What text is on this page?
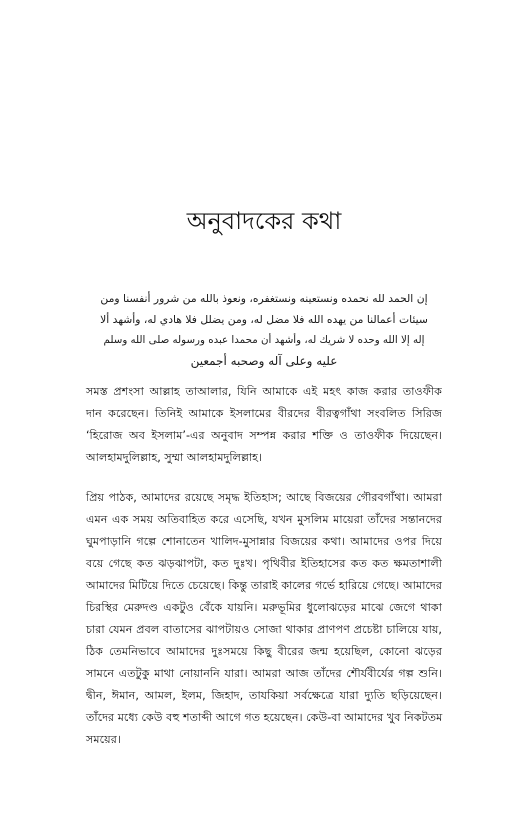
অনুবাদকের কথা
إن الحمد لله نحمده ونستعينه ونستغفره، ونعوذ بالله من شرور أنفسنا ومن
سيئات أعمالنا من يهده الله فلا مضل له، ومن يضلل فلا هادي له، وأشهد ألا
إله إلا الله وحده لا شريك له، وأشهد أن محمدا عبده ورسوله صلى الله وسلم
عليه وعلى آله وصحبه أجمعين
সমস্ত প্রশংসা আল্লাহ তাআলার, যিনি আমাকে এই মহৎ কাজ করার তাওফীক
দান করেছেন। তিনিই আমাকে ইসলামের বীরদের বীরত্বগাঁথা সংবলিত সিরিজ
‘হিরোজ অব ইসলাম’-এর অনুবাদ সম্পন্ন করার শক্তি ও তাওফীক দিয়েছেন।
আলহামদুলিল্লাহ, সুম্মা আলহামদুলিল্লাহ।
প্রিয় পাঠক, আমাদের রয়েছে সমৃদ্ধ ইতিহাস; আছে বিজয়ের গৌরবগাঁথা। আমরা
এমন এক সময় অতিবাহিত করে এসেছি, যখন মুসলিম মায়েরা তাঁদের সন্তানদের
ঘুমপাড়ানি গল্পে শোনাতেন খালিদ-মুসান্নার বিজয়ের কথা। আমাদের ওপর দিয়ে
বয়ে গেছে কত ঝড়ঝাপটা, কত দুঃখ। পৃথিবীর ইতিহাসের কত কত ক্ষমতাশালী
আমাদের মিটিয়ে দিতে চেয়েছে। কিন্তু তারাই কালের গর্ভে হারিয়ে গেছে। আমাদের
চিরস্থির মেরুদণ্ড একটুও বেঁকে যায়নি। মরুভূমির ধুলোঝড়ের মাঝে জেগে থাকা
চারা যেমন প্রবল বাতাসের ঝাপটায়ও সোজা থাকার প্রাণপণ প্রচেষ্টা চালিয়ে যায়,
ঠিক তেমনিভাবে আমাদের দুঃসময়ে কিছু বীরের জন্ম হয়েছিল, কোনো ঝড়ের
সামনে এতটুকু মাথা নোয়াননি যারা। আমরা আজ তাঁদের শৌর্যবীর্যের গল্প শুনি।
দ্বীন, ঈমান, আমল, ইলম, জিহাদ, তাযকিয়া সর্বক্ষেত্রে যারা দ্যুতি ছড়িয়েছেন।
তাঁদের মধ্যে কেউ বহু শতাব্দী আগে গত হয়েছেন। কেউ-বা আমাদের খুব নিকটতম
সময়ের।
